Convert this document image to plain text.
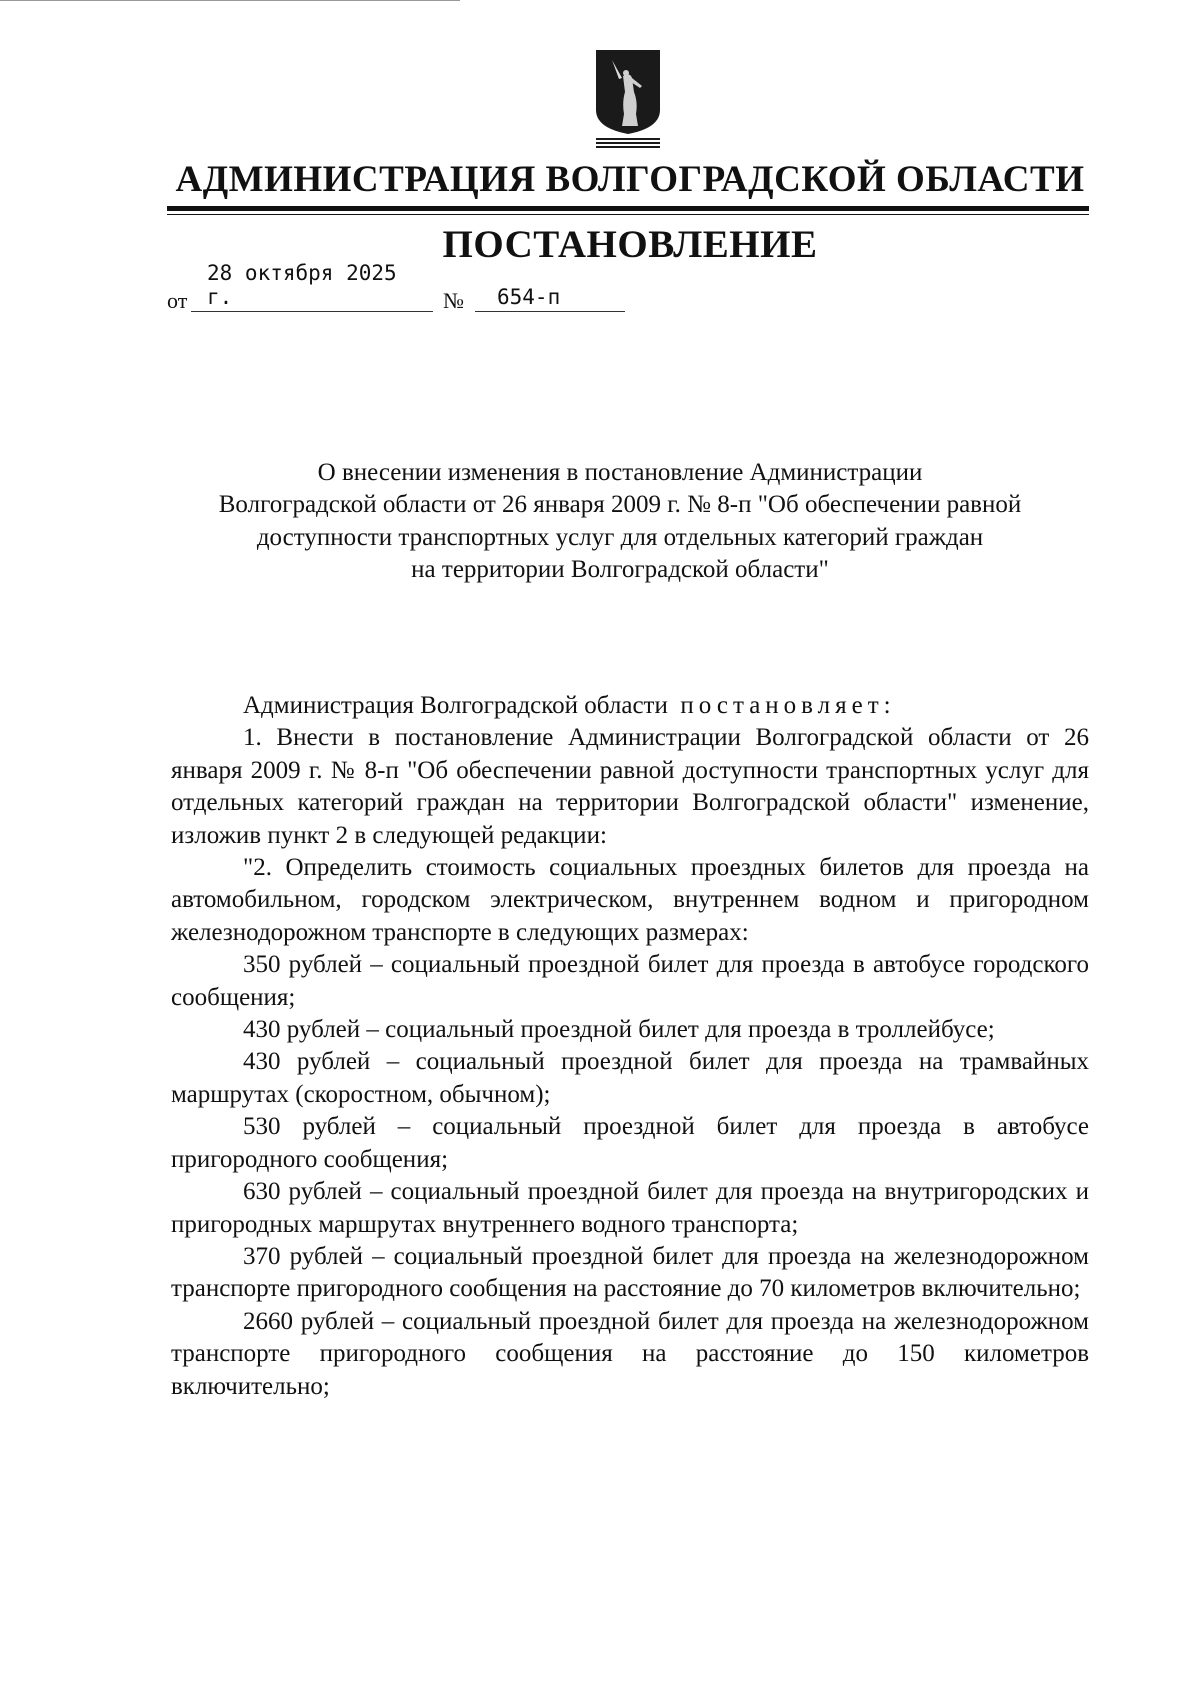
АДМИНИСТРАЦИЯ ВОЛГОГРАДСКОЙ ОБЛАСТИ
ПОСТАНОВЛЕНИЕ
от
28 октября 2025 г.	№ 654-п
О внесении изменения в постановление Администрации
Волгоградской области от 26 января 2009 г. № 8-п "Об обеспечении равной
доступности транспортных услуг для отдельных категорий граждан
на территории Волгоградской области"

Администрация Волгоградской области постановляет:

1. Внести в постановление Администрации Волгоградской области от 26 января 2009 г. № 8-п "Об обеспечении равной доступности транспортных услуг для отдельных категорий граждан на территории Волгоградской области" изменение, изложив пункт 2 в следующей редакции:

"2. Определить стоимость социальных проездных билетов для проезда на автомобильном, городском электрическом, внутреннем водном и пригородном железнодорожном транспорте в следующих размерах:

350 рублей – социальный проездной билет для проезда в автобусе городского сообщения;

430 рублей – социальный проездной билет для проезда в троллейбусе;

430 рублей – социальный проездной билет для проезда на трамвайных маршрутах (скоростном, обычном);

530 рублей – социальный проездной билет для проезда в автобусе пригородного сообщения;

630 рублей – социальный проездной билет для проезда на внутригородских и пригородных маршрутах внутреннего водного транспорта;

370 рублей – социальный проездной билет для проезда на железнодорожном транспорте пригородного сообщения на расстояние до 70 километров включительно;

2660 рублей – социальный проездной билет для проезда на железнодорожном транспорте пригородного сообщения на расстояние до 150 километров включительно;
